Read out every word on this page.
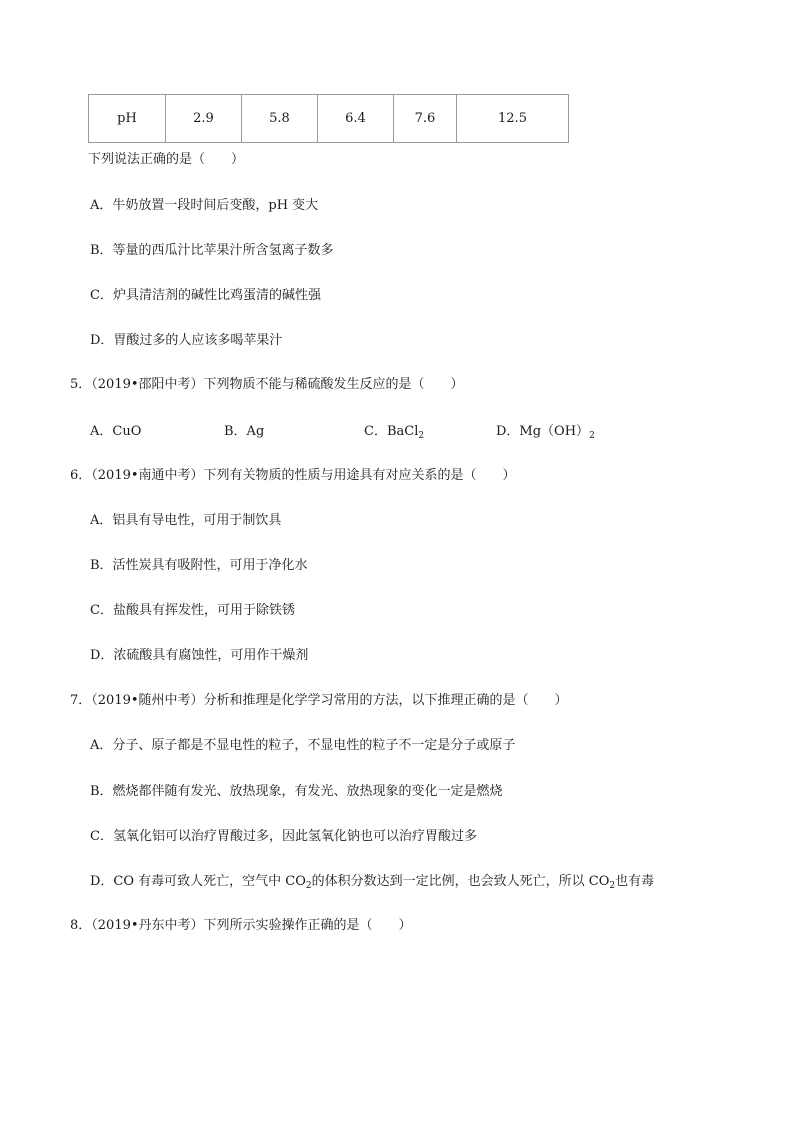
pH	2.9	5.8	6.4	7.6	12.5
下列说法正确的是（　　）
A．牛奶放置一段时间后变酸，pH 变大
B．等量的西瓜汁比苹果汁所含氢离子数多
C．炉具清洁剂的碱性比鸡蛋清的碱性强
D．胃酸过多的人应该多喝苹果汁
5．（2019•邵阳中考）下列物质不能与稀硫酸发生反应的是（　　）
A．CuO	B．Ag	C．BaCl$_2$	D．$Mg(OH)_2$
6．（2019•南通中考）下列有关物质的性质与用途具有对应关系的是（　　）
A．铝具有导电性，可用于制饮具
B．活性炭具有吸附性，可用于净化水
C．盐酸具有挥发性，可用于除铁锈
D．浓硫酸具有腐蚀性，可用作干燥剂
7．（2019•随州中考）分析和推理是化学学习常用的方法，以下推理正确的是（　　）
A．分子、原子都是不显电性的粒子，不显电性的粒子不一定是分子或原子
B．燃烧都伴随有发光、放热现象，有发光、放热现象的变化一定是燃烧
C．氢氧化铝可以治疗胃酸过多，因此氢氧化钠也可以治疗胃酸过多
D．CO 有毒可致人死亡，空气中 $CO_2$的体积分数达到一定比例，也会致人死亡，所以 $CO_2$也有毒
8．（2019•丹东中考）下列所示实验操作正确的是（　　）
